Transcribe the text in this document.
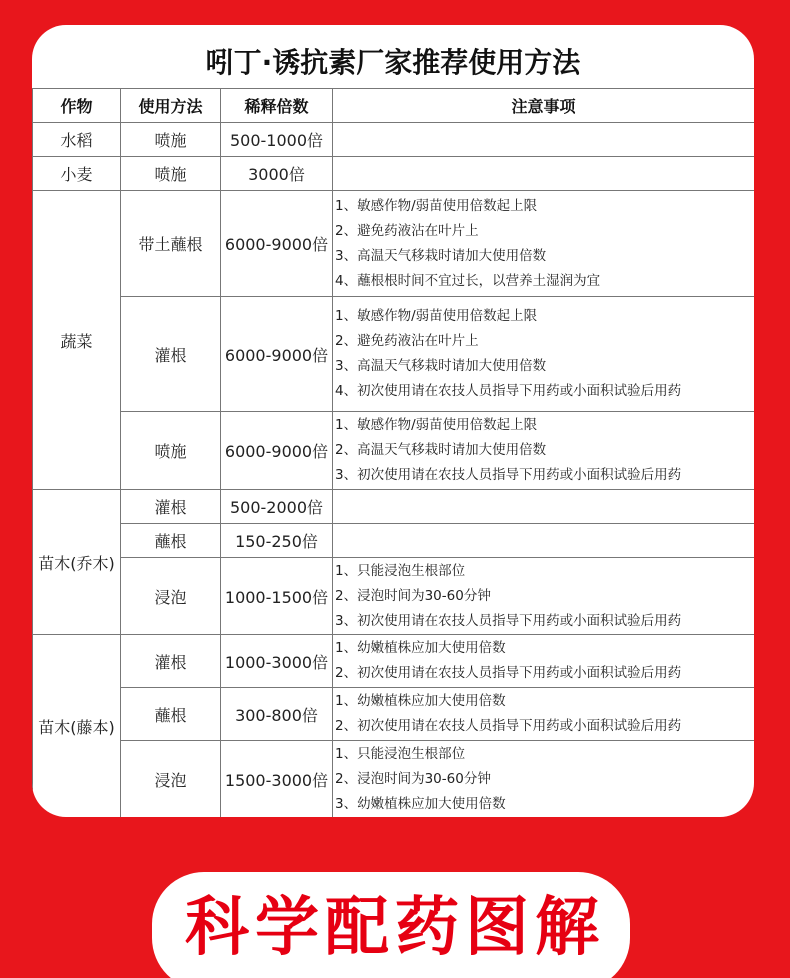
吲丁·诱抗素厂家推荐使用方法
作物	使用方法	稀释倍数	注意事项
水稻	喷施	500-1000倍	
小麦	喷施	3000倍	
蔬菜	带土蘸根	6000-9000倍	1、敏感作物/弱苗使用倍数起上限
2、避免药液沾在叶片上
3、高温天气移栽时请加大使用倍数
4、蘸根根时间不宜过长，以营养土湿润为宜

	灌根	6000-9000倍	1、敏感作物/弱苗使用倍数起上限
2、避免药液沾在叶片上
3、高温天气移栽时请加大使用倍数
4、初次使用请在农技人员指导下用药或小面积试验后用药

	喷施	6000-9000倍	1、敏感作物/弱苗使用倍数起上限
2、高温天气移栽时请加大使用倍数
3、初次使用请在农技人员指导下用药或小面积试验后用药

苗木(乔木)	灌根	500-2000倍	
	蘸根	150-250倍	
	浸泡	1000-1500倍	1、只能浸泡生根部位
2、浸泡时间为30-60分钟
3、初次使用请在农技人员指导下用药或小面积试验后用药

苗木(藤本)	灌根	1000-3000倍	1、幼嫩植株应加大使用倍数
2、初次使用请在农技人员指导下用药或小面积试验后用药

	蘸根	300-800倍	1、幼嫩植株应加大使用倍数
2、初次使用请在农技人员指导下用药或小面积试验后用药

	浸泡	1500-3000倍	1、只能浸泡生根部位
2、浸泡时间为30-60分钟
3、幼嫩植株应加大使用倍数
科学配药图解
